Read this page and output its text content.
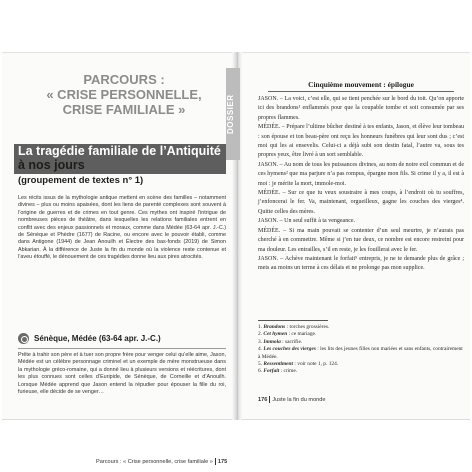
PARCOURS :
« CRISE PERSONNELLE,
CRISE FAMILIALE »
La tragédie familiale de l’Antiquité
à nos jours
(groupement de textes n° 1)
Les récits issus de la mythologie antique mettent en scène des familles – notamment divines – plus ou moins apaisées, dont les liens de parenté complexes sont souvent à l’origine de guerres et de crimes en tout genre. Ces mythes ont inspiré l’intrigue de nombreuses pièces de théâtre, dans lesquelles les relations familiales entrent en conflit avec des enjeux passionnels et moraux, comme dans Médée (63-64 apr. J.-C.) de Sénèque et Phèdre (1677) de Racine, ou encore avec le pouvoir établi, comme dans Antigone (1944) de Jean Anouilh et Électre des bas-fonds (2019) de Simon Abkarian. À la différence de Juste la fin du monde où la violence reste contenue et l’aveu étouffé, le dénouement de ces tragédies donne lieu aux pires atrocités.
Sénèque, Médée (63-64 apr. J.-C.)
Prête à trahir son père et à tuer son propre frère pour venger celui qu’elle aime, Jason, Médée est un célèbre personnage criminel et un exemple de mère monstrueuse dans la mythologie gréco-romaine, qui a donné lieu à plusieurs versions et réécritures, dont les plus connues sont celles d’Euripide, de Sénèque, de Corneille et d’Anouilh. Lorsque Médée apprend que Jason entend la répudier pour épouser la fille du roi, furieuse, elle décide de se venger…
Parcours : « Crise personnelle, crise familiale » 175
DOSSIER
Cinquième mouvement : épilogue

JASON. – La voici, c’est elle, qui se tient penchée sur le bord du toit. Qu’on apporte ici des brandons¹ enflammés pour que la coupable tombe et soit consumée par ses propres flammes.

MÉDÉE. – Prépare l’ultime bûcher destiné à tes enfants, Jason, et élève leur tombeau : son épouse et ton beau-père ont reçu les honneurs funèbres qui leur sont dus ; c’est moi qui les ai ensevelis. Celui-ci a déjà subi son destin fatal, l’autre va, sous tes propres yeux, être livré à un sort semblable.

JASON. – Au nom de tous les puissances divines, au nom de notre exil commun et de ces hymens² que ma parjure n’a pas rompus, épargne mon fils. Si crime il y a, il est à moi : je mérite la mort, immole-moi.

MÉDÉE. – Sur ce que tu veux soustraire à mes coups, à l’endroit où tu souffres, j’enfoncerai le fer. Va, maintenant, orgueilleux, gagne les couches des vierges⁴. Quitte celles des mères.

JASON. – Un seul suffit à ta vengeance.

MÉDÉE. – Si ma main pouvait se contenter d’un seul meurtre, je n’aurais pas cherché à en commettre. Même si j’en tue deux, ce nombre est encore restreint pour ma douleur. Les entrailles, s’il en reste, je les fouillerai avec le fer.

JASON. – Achève maintenant le forfait⁵ entrepris, je ne te demande plus de grâce ; mets au moins un terme à ces délais et ne prolonge pas mon supplice.

1. Brandons : torches grossières.
2. Cet hymen : ce mariage.
3. Immola : sacrifie.
4. Les couches des vierges : les lits des jeunes filles non mariées et sans enfants, contrairement à Médée.
5. Ressentiment : voir note 1, p. 124.
6. Forfait : crime.
176 Juste la fin du monde
